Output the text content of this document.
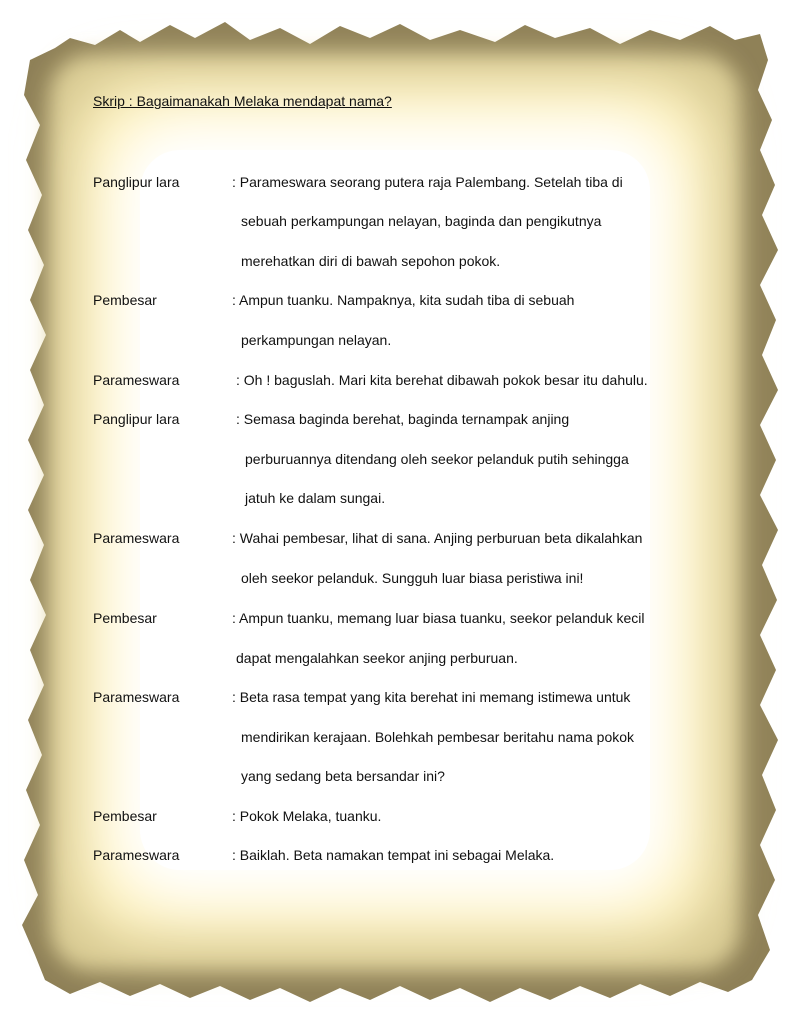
Skrip : Bagaimanakah Melaka mendapat nama?
Panglipur lara	: Parameswara seorang putera raja Palembang. Setelah tiba di
sebuah perkampungan nelayan, baginda dan pengikutnya
merehatkan diri di bawah sepohon pokok.
Pembesar	: Ampun tuanku. Nampaknya, kita sudah tiba di sebuah
perkampungan nelayan.
Parameswara	: Oh ! baguslah. Mari kita berehat dibawah pokok besar itu dahulu.
Panglipur lara	: Semasa baginda berehat, baginda ternampak anjing
perburuannya ditendang oleh seekor pelanduk putih sehingga
jatuh ke dalam sungai.
Parameswara	: Wahai pembesar, lihat di sana. Anjing perburuan beta dikalahkan
oleh seekor pelanduk. Sungguh luar biasa peristiwa ini!
Pembesar	: Ampun tuanku, memang luar biasa tuanku, seekor pelanduk kecil
dapat mengalahkan seekor anjing perburuan.
Parameswara	: Beta rasa tempat yang kita berehat ini memang istimewa untuk
mendirikan kerajaan. Bolehkah pembesar beritahu nama pokok
yang sedang beta bersandar ini?
Pembesar	: Pokok Melaka, tuanku.
Parameswara	: Baiklah. Beta namakan tempat ini sebagai Melaka.
